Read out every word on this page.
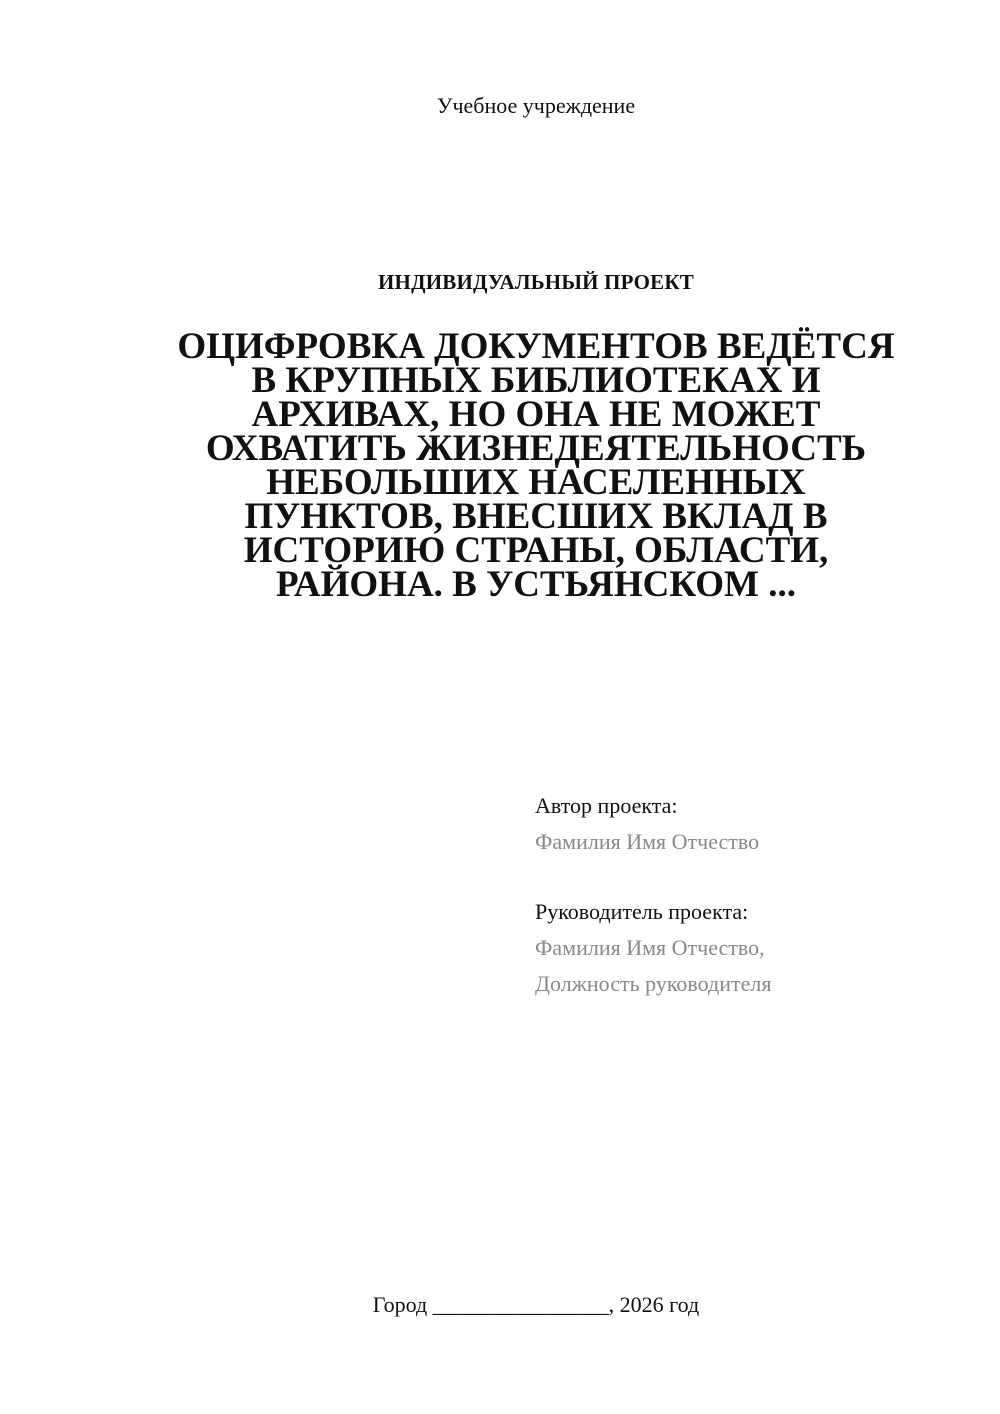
Учебное учреждение
ИНДИВИДУАЛЬНЫЙ ПРОЕКТ
ОЦИФРОВКА ДОКУМЕНТОВ ВЕДЁТСЯ
В КРУПНЫХ БИБЛИОТЕКАХ И
АРХИВАХ, НО ОНА НЕ МОЖЕТ
ОХВАТИТЬ ЖИЗНЕДЕЯТЕЛЬНОСТЬ
НЕБОЛЬШИХ НАСЕЛЕННЫХ
ПУНКТОВ, ВНЕСШИХ ВКЛАД В
ИСТОРИЮ СТРАНЫ, ОБЛАСТИ,
РАЙОНА. В УСТЬЯНСКОМ ...
Автор проекта:
Фамилия Имя Отчество
Руководитель проекта:
Фамилия Имя Отчество,
Должность руководителя
Город ________________, 2026 год
